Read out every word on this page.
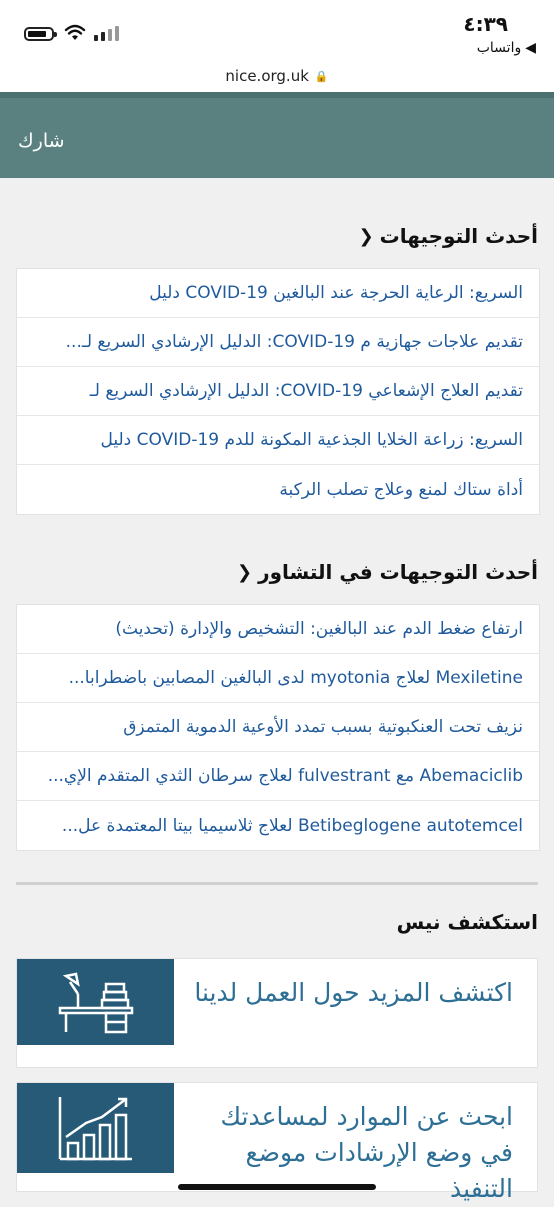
٤:٣٩
◀
واتساب
nice.org.uk 🔒
شارك
أحدث التوجيهات
❮
السريع: الرعاية الحرجة عند البالغين COVID-19 دليل
تقديم علاجات جهازية م COVID-19: الدليل الإرشادي السريع لـ...
تقديم العلاج الإشعاعي COVID-19: الدليل الإرشادي السريع لـ
السريع: زراعة الخلايا الجذعية المكونة للدم COVID-19 دليل
أداة ستاك لمنع وعلاج تصلب الركبة
أحدث التوجيهات في التشاور
❮
ارتفاع ضغط الدم عند البالغين: التشخيص والإدارة (تحديث)
Mexiletine لعلاج myotonia لدى البالغين المصابين باضطرابا...
نزيف تحت العنكبوتية بسبب تمدد الأوعية الدموية المتمزق
Abemaciclib مع fulvestrant لعلاج سرطان الثدي المتقدم الإي...
Betibeglogene autotemcel لعلاج ثلاسيميا بيتا المعتمدة عل...
استكشف نيس
اكتشف المزيد حول العمل لدينا
ابحث عن الموارد لمساعدتك في وضع الإرشادات موضع التنفيذ
